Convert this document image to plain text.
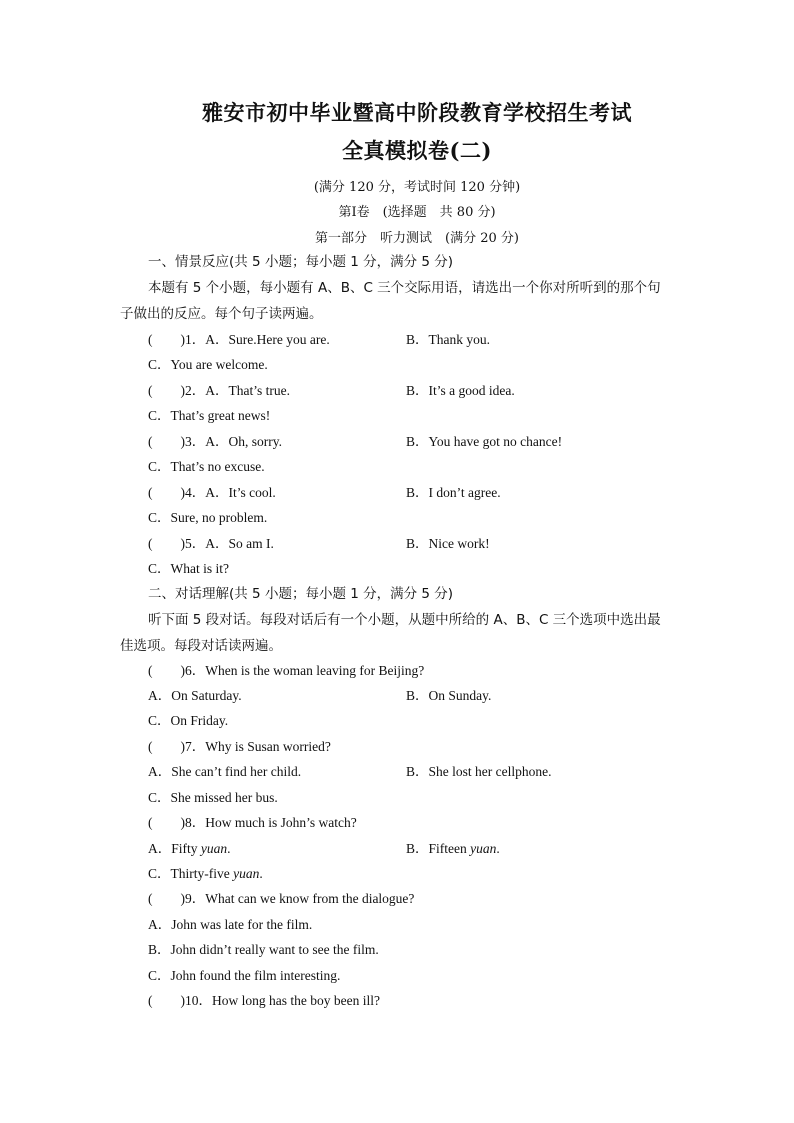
雅安市初中毕业暨高中阶段教育学校招生考试
全真模拟卷(二)
(满分 120 分，考试时间 120 分钟)
第Ⅰ卷　(选择题　共 80 分)
第一部分　听力测试　(满分 20 分)
一、情景反应(共 5 小题；每小题 1 分，满分 5 分)
本题有 5 个小题，每小题有 A、B、C 三个交际用语，请选出一个你对所听到的那个句
子做出的反应。每个句子读两遍。
( )1．A．Sure.Here you are.	B．Thank you.
C．You are welcome.
( )2．A．That’s true.	B．It’s a good idea.
C．That’s great news!
( )3．A．Oh, sorry.	B．You have got no chance!
C．That’s no excuse.
( )4．A．It’s cool.	B．I don’t agree.
C．Sure, no problem.
( )5．A．So am I.	B．Nice work!
C．What is it?
二、对话理解(共 5 小题；每小题 1 分，满分 5 分)
听下面 5 段对话。每段对话后有一个小题，从题中所给的 A、B、C 三个选项中选出最
佳选项。每段对话读两遍。
( )6．When is the woman leaving for Beijing?
A．On Saturday.	B．On Sunday.
C．On Friday.
( )7．Why is Susan worried?
A．She can’t find her child.	B．She lost her cellphone.
C．She missed her bus.
( )8．How much is John’s watch?
A．Fifty yuan.	B．Fifteen yuan.
C．Thirty-five yuan.
( )9．What can we know from the dialogue?
A．John was late for the film.
B．John didn’t really want to see the film.
C．John found the film interesting.
( )10．How long has the boy been ill?
